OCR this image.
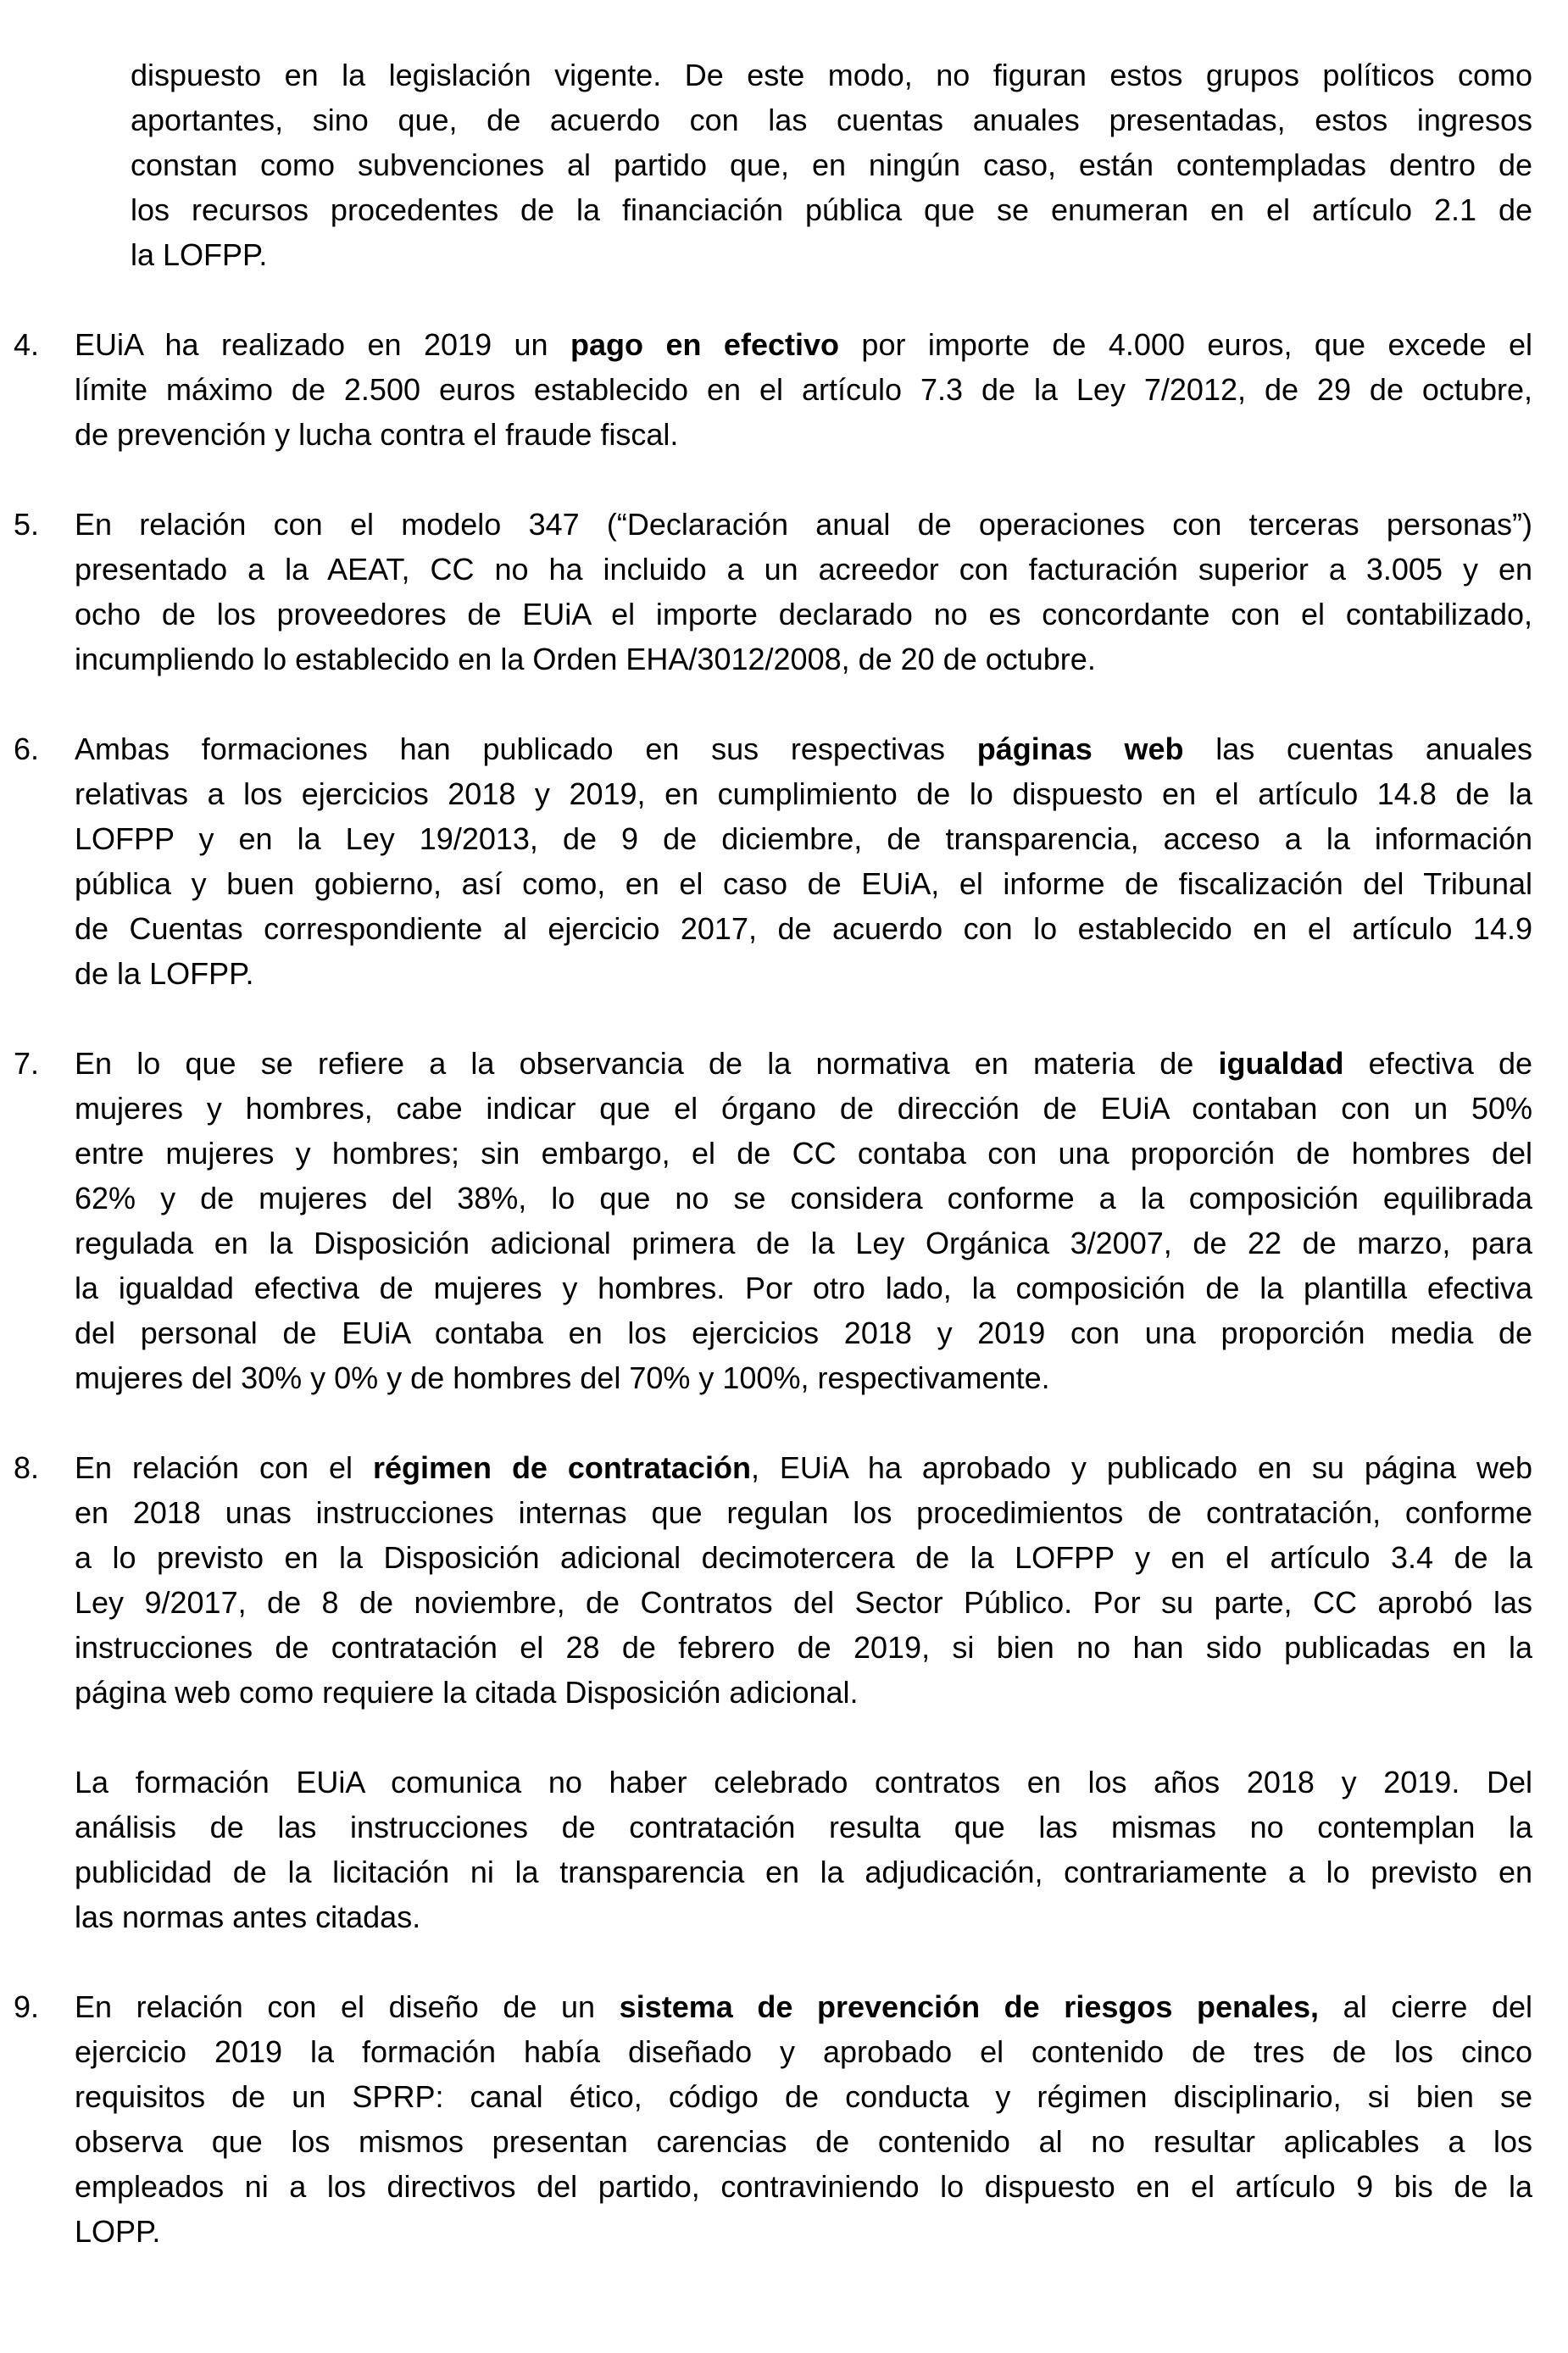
dispuesto en la legislación vigente. De este modo, no figuran estos grupos políticos como
aportantes, sino que, de acuerdo con las cuentas anuales presentadas, estos ingresos
constan como subvenciones al partido que, en ningún caso, están contempladas dentro de
los recursos procedentes de la financiación pública que se enumeran en el artículo 2.1 de
la LOFPP.
4. EUiA ha realizado en 2019 un pago en efectivo por importe de 4.000 euros, que excede el
límite máximo de 2.500 euros establecido en el artículo 7.3 de la Ley 7/2012, de 29 de octubre,
de prevención y lucha contra el fraude fiscal.
5. En relación con el modelo 347 (“Declaración anual de operaciones con terceras personas”)
presentado a la AEAT, CC no ha incluido a un acreedor con facturación superior a 3.005 y en
ocho de los proveedores de EUiA el importe declarado no es concordante con el contabilizado,
incumpliendo lo establecido en la Orden EHA/3012/2008, de 20 de octubre.
6. Ambas formaciones han publicado en sus respectivas páginas web las cuentas anuales
relativas a los ejercicios 2018 y 2019, en cumplimiento de lo dispuesto en el artículo 14.8 de la
LOFPP y en la Ley 19/2013, de 9 de diciembre, de transparencia, acceso a la información
pública y buen gobierno, así como, en el caso de EUiA, el informe de fiscalización del Tribunal
de Cuentas correspondiente al ejercicio 2017, de acuerdo con lo establecido en el artículo 14.9
de la LOFPP.
7. En lo que se refiere a la observancia de la normativa en materia de igualdad efectiva de
mujeres y hombres, cabe indicar que el órgano de dirección de EUiA contaban con un 50%
entre mujeres y hombres; sin embargo, el de CC contaba con una proporción de hombres del
62% y de mujeres del 38%, lo que no se considera conforme a la composición equilibrada
regulada en la Disposición adicional primera de la Ley Orgánica 3/2007, de 22 de marzo, para
la igualdad efectiva de mujeres y hombres. Por otro lado, la composición de la plantilla efectiva
del personal de EUiA contaba en los ejercicios 2018 y 2019 con una proporción media de
mujeres del 30% y 0% y de hombres del 70% y 100%, respectivamente.
8. En relación con el régimen de contratación, EUiA ha aprobado y publicado en su página web
en 2018 unas instrucciones internas que regulan los procedimientos de contratación, conforme
a lo previsto en la Disposición adicional decimotercera de la LOFPP y en el artículo 3.4 de la
Ley 9/2017, de 8 de noviembre, de Contratos del Sector Público. Por su parte, CC aprobó las
instrucciones de contratación el 28 de febrero de 2019, si bien no han sido publicadas en la
página web como requiere la citada Disposición adicional.
La formación EUiA comunica no haber celebrado contratos en los años 2018 y 2019. Del
análisis de las instrucciones de contratación resulta que las mismas no contemplan la
publicidad de la licitación ni la transparencia en la adjudicación, contrariamente a lo previsto en
las normas antes citadas.
9. En relación con el diseño de un sistema de prevención de riesgos penales, al cierre del
ejercicio 2019 la formación había diseñado y aprobado el contenido de tres de los cinco
requisitos de un SPRP: canal ético, código de conducta y régimen disciplinario, si bien se
observa que los mismos presentan carencias de contenido al no resultar aplicables a los
empleados ni a los directivos del partido, contraviniendo lo dispuesto en el artículo 9 bis de la
LOPP.
